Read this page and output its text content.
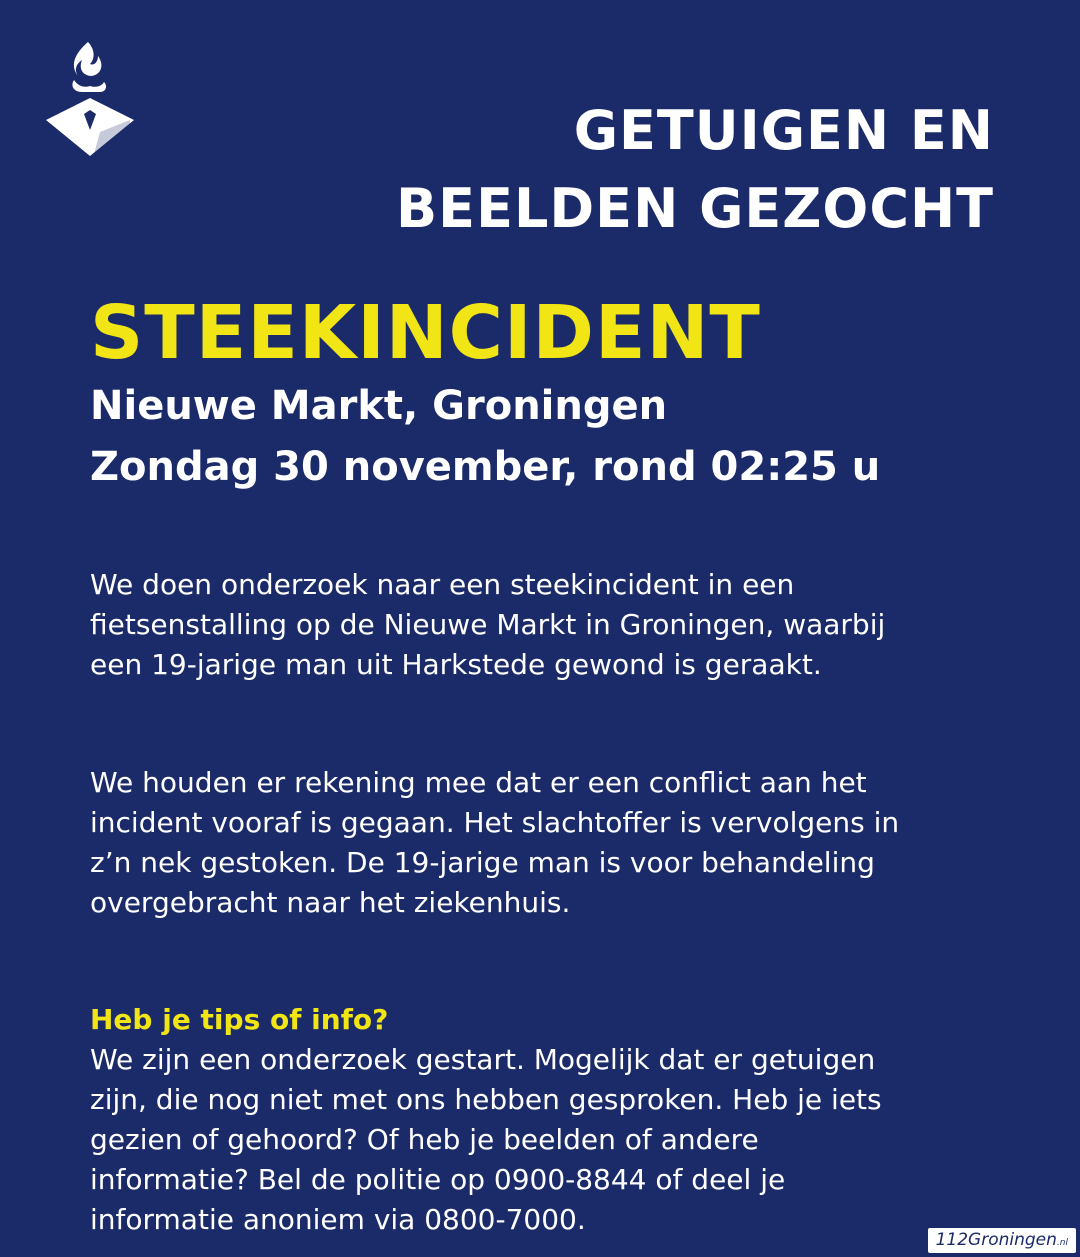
GETUIGEN EN
BEELDEN GEZOCHT
STEEKINCIDENT

Nieuwe Markt, Groningen

Zondag 30 november, rond 02:25 u

We doen onderzoek naar een steekincident in een
fietsenstalling op de Nieuwe Markt in Groningen, waarbij
een 19-jarige man uit Harkstede gewond is geraakt.
We houden er rekening mee dat er een conflict aan het
incident vooraf is gegaan. Het slachtoffer is vervolgens in
z’n nek gestoken. De 19-jarige man is voor behandeling
overgebracht naar het ziekenhuis.

Heb je tips of info?

We zijn een onderzoek gestart. Mogelijk dat er getuigen
zijn, die nog niet met ons hebben gesproken. Heb je iets
gezien of gehoord? Of heb je beelden of andere
informatie? Bel de politie op 0900-8844 of deel je
informatie anoniem via 0800-7000.
112Groningen.nl
